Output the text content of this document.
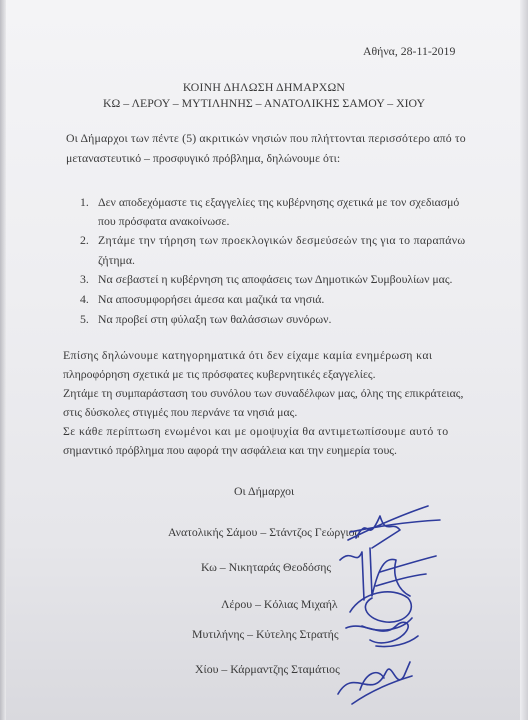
Αθήνα, 28-11-2019
ΚΟΙΝΗ ΔΗΛΩΣΗ ΔΗΜΑΡΧΩΝ
ΚΩ – ΛΕΡΟΥ – ΜΥΤΙΛΗΝΗΣ – ΑΝΑΤΟΛΙΚΗΣ ΣΑΜΟΥ – ΧΙΟΥ
Οι Δήμαρχοι των πέντε (5) ακριτικών νησιών που πλήττονται περισσότερο από το
μεταναστευτικό – προσφυγικό πρόβλημα, δηλώνουμε ότι:
1. Δεν αποδεχόμαστε τις εξαγγελίες της κυβέρνησης σχετικά με τον σχεδιασμό
που πρόσφατα ανακοίνωσε.
2. Ζητάμε την τήρηση των προεκλογικών δεσμεύσεών της για το παραπάνω
ζήτημα.
3. Να σεβαστεί η κυβέρνηση τις αποφάσεις των Δημοτικών Συμβουλίων μας.
4. Να αποσυμφορήσει άμεσα και μαζικά τα νησιά.
5. Να προβεί στη φύλαξη των θαλάσσιων συνόρων.
Επίσης δηλώνουμε κατηγορηματικά ότι δεν είχαμε καμία ενημέρωση και
πληροφόρηση σχετικά με τις πρόσφατες κυβερνητικές εξαγγελίες.
Ζητάμε τη συμπαράσταση του συνόλου των συναδέλφων μας, όλης της επικράτειας,
στις δύσκολες στιγμές που περνάνε τα νησιά μας.
Σε κάθε περίπτωση ενωμένοι και με ομοψυχία θα αντιμετωπίσουμε αυτό το
σημαντικό πρόβλημα που αφορά την ασφάλεια και την ευημερία τους.
Οι Δήμαρχοι
Ανατολικής Σάμου – Στάντζος Γεώργιος
Κω – Νικηταράς Θεοδόσης
Λέρου – Κόλιας Μιχαήλ
Μυτιλήνης – Κύτελης Στρατής
Χίου – Κάρμαντζης Σταμάτιος
